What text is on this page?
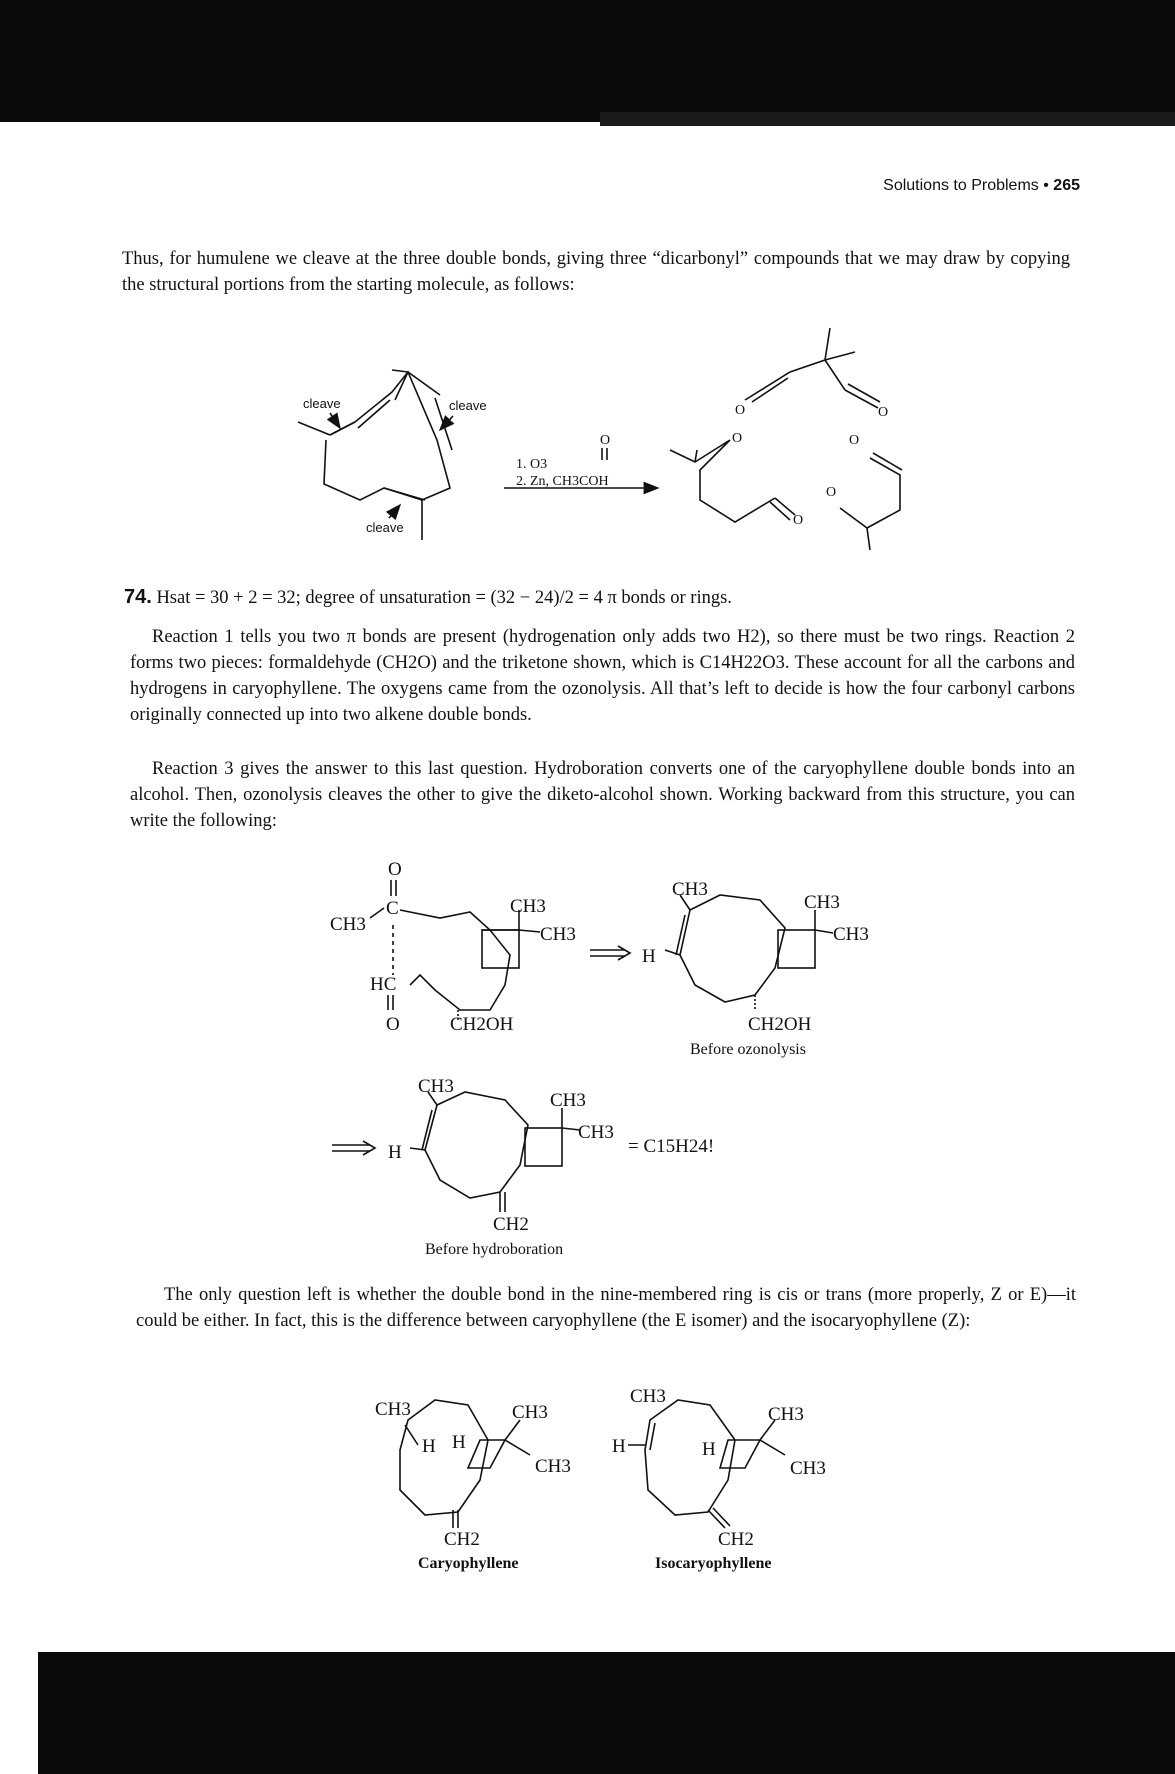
Solutions to Problems • 265
Thus, for humulene we cleave at the three double bonds, giving three “dicarbonyl” compounds that we may draw by copying the structural portions from the starting molecule, as follows:
74. Hsat = 30 + 2 = 32; degree of unsaturation = (32 − 24)/2 = 4 π bonds or rings.
Reaction 1 tells you two π bonds are present (hydrogenation only adds two H2), so there must be two rings. Reaction 2 forms two pieces: formaldehyde (CH2O) and the triketone shown, which is C14H22O3. These account for all the carbons and hydrogens in caryophyllene. The oxygens came from the ozonolysis. All that’s left to decide is how the four carbonyl carbons originally connected up into two alkene double bonds.
Reaction 3 gives the answer to this last question. Hydroboration converts one of the caryophyllene double bonds into an alcohol. Then, ozonolysis cleaves the other to give the diketo-alcohol shown. Working backward from this structure, you can write the following:
The only question left is whether the double bond in the nine-membered ring is cis or trans (more properly, Z or E)—it could be either. In fact, this is the difference between caryophyllene (the E isomer) and the isocaryophyllene (Z):
cleave	cleave
cleave
1. O3
2. Zn, CH3COH
O
O	O
O	O
O
O
O
C
CH3
HC
O
CH3
CH3
CH2OH
CH3
CH3
CH3
H
CH2OH
Before ozonolysis
CH3
CH3
CH3
H
CH2
Before hydroboration
= C15H24!
CH3	CH3
CH3
H H
CH2
Caryophyllene
CH3
CH3
CH3
H	H
CH2
Isocaryophyllene
